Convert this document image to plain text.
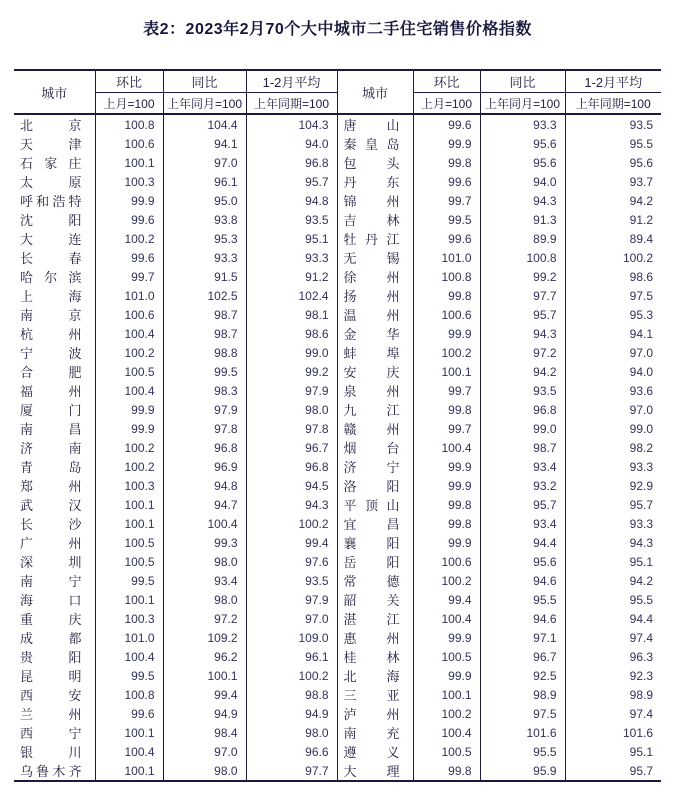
表2：2023年2月70个大中城市二手住宅销售价格指数
城市	环比	同比	1-2月平均	城市	环比	同比	1-2月平均
	上月=100	上年同月=100	上年同期=100		上月=100	上年同月=100	上年同期=100

北 京	100.8	104.4	104.3	唐 山	99.6	93.3	93.5

天 津	100.6	94.1	94.0	秦 皇 岛	99.9	95.6	95.5

石 家 庄	100.1	97.0	96.8	包 头	99.8	95.6	95.6

太 原	100.3	96.1	95.7	丹 东	99.6	94.0	93.7

呼 和 浩 特	99.9	95.0	94.8	锦 州	99.7	94.3	94.2

沈 阳	99.6	93.8	93.5	吉 林	99.5	91.3	91.2

大 连	100.2	95.3	95.1	牡 丹 江	99.6	89.9	89.4

长 春	99.6	93.3	93.3	无 锡	101.0	100.8	100.2

哈 尔 滨	99.7	91.5	91.2	徐 州	100.8	99.2	98.6

上 海	101.0	102.5	102.4	扬 州	99.8	97.7	97.5

南 京	100.6	98.7	98.1	温 州	100.6	95.7	95.3

杭 州	100.4	98.7	98.6	金 华	99.9	94.3	94.1

宁 波	100.2	98.8	99.0	蚌 埠	100.2	97.2	97.0

合 肥	100.5	99.5	99.2	安 庆	100.1	94.2	94.0

福 州	100.4	98.3	97.9	泉 州	99.7	93.5	93.6

厦 门	99.9	97.9	98.0	九 江	99.8	96.8	97.0

南 昌	99.9	97.8	97.8	赣 州	99.7	99.0	99.0

济 南	100.2	96.8	96.7	烟 台	100.4	98.7	98.2

青 岛	100.2	96.9	96.8	济 宁	99.9	93.4	93.3

郑 州	100.3	94.8	94.5	洛 阳	99.9	93.2	92.9

武 汉	100.1	94.7	94.3	平 顶 山	99.8	95.7	95.7

长 沙	100.1	100.4	100.2	宜 昌	99.8	93.4	93.3

广 州	100.5	99.3	99.4	襄 阳	99.9	94.4	94.3

深 圳	100.5	98.0	97.6	岳 阳	100.6	95.6	95.1

南 宁	99.5	93.4	93.5	常 德	100.2	94.6	94.2

海 口	100.1	98.0	97.9	韶 关	99.4	95.5	95.5

重 庆	100.3	97.2	97.0	湛 江	100.4	94.6	94.4

成 都	101.0	109.2	109.0	惠 州	99.9	97.1	97.4

贵 阳	100.4	96.2	96.1	桂 林	100.5	96.7	96.3

昆 明	99.5	100.1	100.2	北 海	99.9	92.5	92.3

西 安	100.8	99.4	98.8	三 亚	100.1	98.9	98.9

兰 州	99.6	94.9	94.9	泸 州	100.2	97.5	97.4

西 宁	100.1	98.4	98.0	南 充	100.4	101.6	101.6

银 川	100.4	97.0	96.6	遵 义	100.5	95.5	95.1

乌 鲁 木 齐	100.1	98.0	97.7	大 理	99.8	95.9	95.7
